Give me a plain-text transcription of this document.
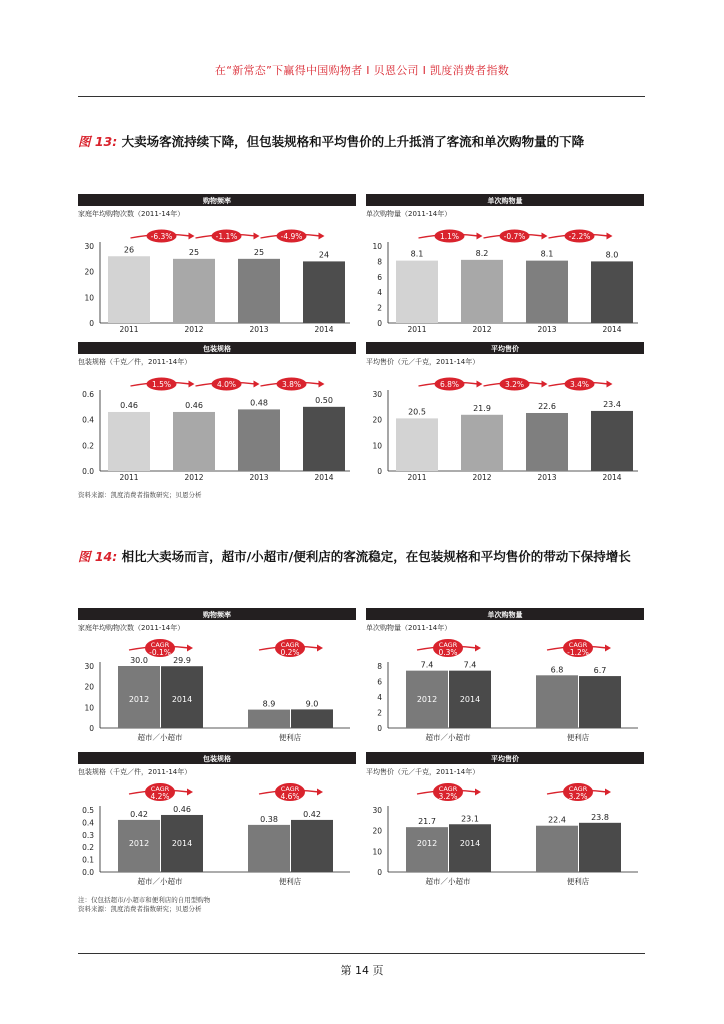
在“新常态”下赢得中国购物者 I 贝恩公司 I 凯度消费者指数
图 13: 大卖场客流持续下降，但包装规格和平均售价的上升抵消了客流和单次购物量的下降
购物频率
家庭年均购物次数（2011-14年）
0
10
20
30	26
2011
25
2012
25
2013
24
2014
-6.3%	-1.1%	-4.9%
单次购物量
单次购物量（2011-14年）
0
2
4
6
8
10
8.1
2011
8.2
2012
8.1
2013
8.0
2014
1.1%	-0.7%	-2.2%
包装规格
包装规格（千克／件，2011-14年）
0.0
0.2
0.4
0.6
0.46
2011
0.46
2012
0.48
2013
0.50
2014
1.5%	4.0%	3.8%
平均售价
平均售价（元／千克，2011-14年）
0
10
20
30
20.5
2011
21.9
2012
22.6
2013
23.4
2014
6.8%	3.2%	3.4%
资料来源：凯度消费者指数研究；贝恩分析
图 14: 相比大卖场而言，超市/小超市/便利店的客流稳定，在包装规格和平均售价的带动下保持增长
购物频率
家庭年均购物次数（2011-14年）
0
10
20
30
30.0
2012
29.9
2014
超市／小超市
CAGR
-0.1%
8.9	9.0
便利店
CAGR
0.2%
单次购物量
单次购物量（2011-14年）
0
2
4
6
8	7.4
2012
7.4
2014
超市／小超市
CAGR
0.3%
6.8	6.7
便利店
CAGR
-1.2%
包装规格
包装规格（千克／件，2011-14年）
0.0
0.1
0.2
0.3
0.4
0.5	0.42
2012
0.46
2014
超市／小超市
CAGR
4.2%
0.38
0.42
便利店
CAGR
4.6%
平均售价
平均售价（元／千克，2011-14年）
0
10
20
30
21.7
2012
23.1
2014
超市／小超市
CAGR
3.2%
22.4	23.8
便利店
CAGR
3.2%
注：仅包括超市/小超市和便利店的自用型购物
资料来源：凯度消费者指数研究；贝恩分析
第 14 页
